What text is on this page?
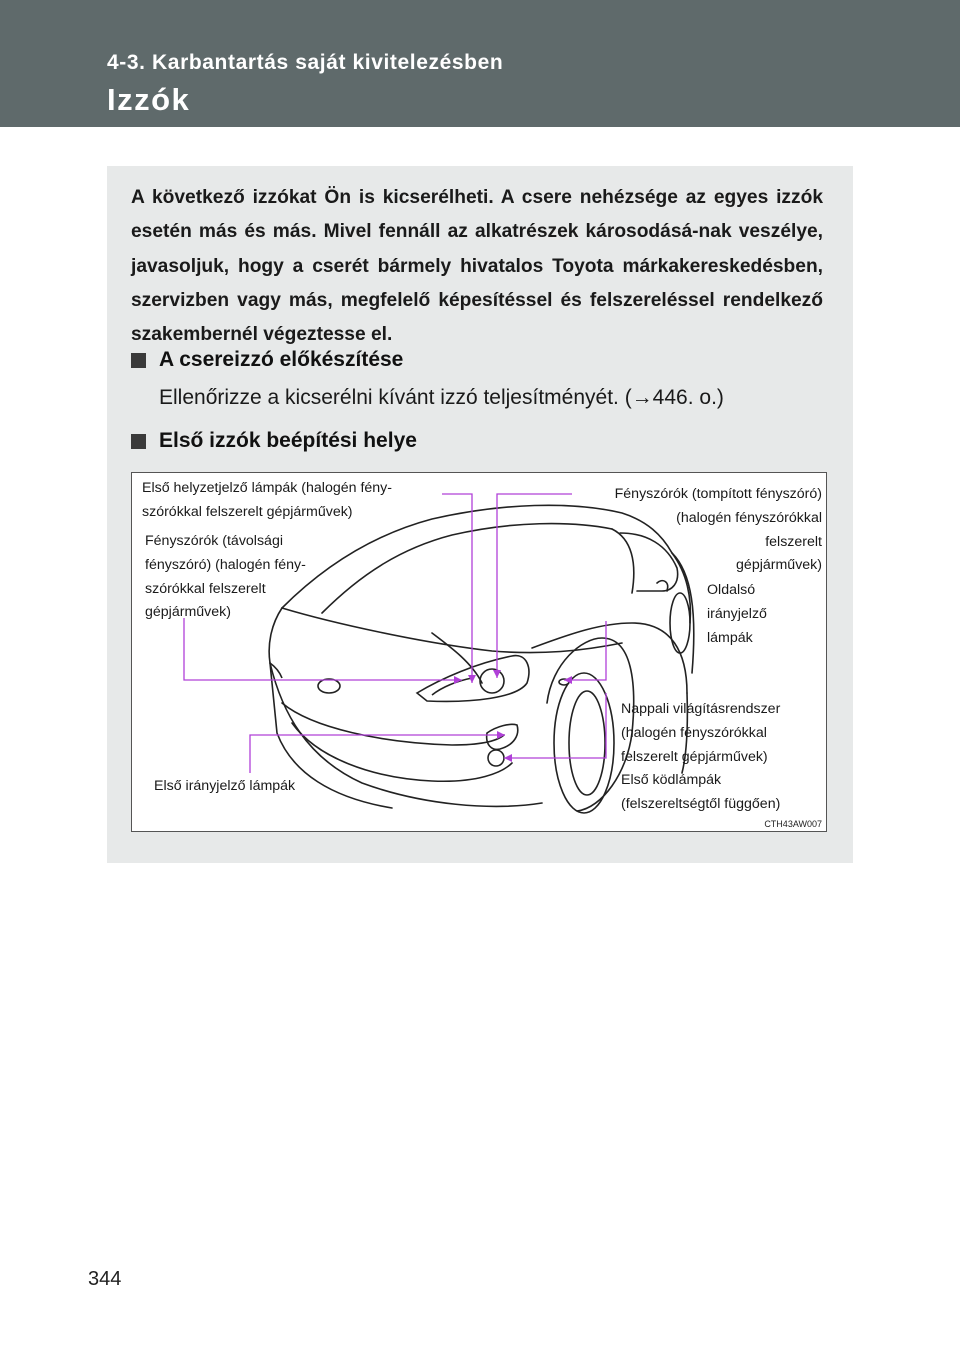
4-3. Karbantartás saját kivitelezésben
Izzók
A következő izzókat Ön is kicserélheti. A csere nehézsége az egyes izzók esetén más és más. Mivel fennáll az alkatrészek károsodásá-nak veszélye, javasoljuk, hogy a cserét bármely hivatalos Toyota márkakereskedésben, szervizben vagy más, megfelelő képesítéssel és felszereléssel rendelkező szakembernél végeztesse el.
A csereizzó előkészítése
Ellenőrizze a kicserélni kívánt izzó teljesítményét. (→446. o.)
Első izzók beépítési helye
Első helyzetjelző lámpák (halogén fény-
szórókkal felszerelt gépjárművek)
Fényszórók (távolsági
fényszóró) (halogén fény-
szórókkal felszerelt
gépjárművek)
Fényszórók (tompított fényszóró)
(halogén fényszórókkal
felszerelt
gépjárművek)
Oldalsó
irányjelző
lámpák
Nappali világításrendszer
(halogén fényszórókkal
felszerelt gépjárművek)
Első ködlámpák
(felszereltségtől függően)
Első irányjelző lámpák
CTH43AW007
344
